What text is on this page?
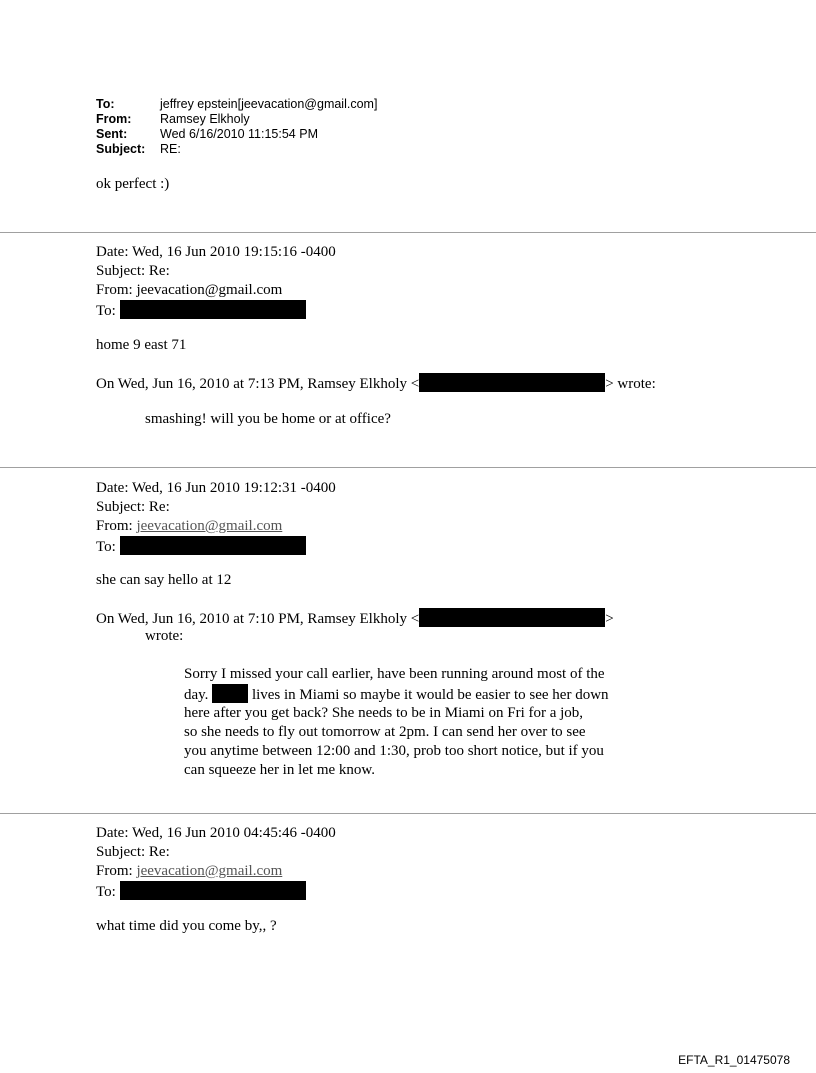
To:	jeffrey epstein[jeevacation@gmail.com]
From:	Ramsey Elkholy
Sent:	Wed 6/16/2010 11:15:54 PM
Subject:	RE:
ok perfect :)
Date: Wed, 16 Jun 2010 19:15:16 -0400
Subject: Re:
From: jeevacation@gmail.com
To:
home 9 east 71
On Wed, Jun 16, 2010 at 7:13 PM, Ramsey Elkholy <	> wrote:
smashing! will you be home or at office?
Date: Wed, 16 Jun 2010 19:12:31 -0400
Subject: Re:
From: jeevacation@gmail.com
To:
she can say hello at 12
On Wed, Jun 16, 2010 at 7:10 PM, Ramsey Elkholy <	>
wrote:
Sorry I missed your call earlier, have been running around most of the
day.	lives in Miami so maybe it would be easier to see her down
here after you get back? She needs to be in Miami on Fri for a job,
so she needs to fly out tomorrow at 2pm. I can send her over to see
you anytime between 12:00 and 1:30, prob too short notice, but if you
can squeeze her in let me know.
Date: Wed, 16 Jun 2010 04:45:46 -0400
Subject: Re:
From: jeevacation@gmail.com
To:
what time did you come by,, ?
EFTA_R1_01475078
